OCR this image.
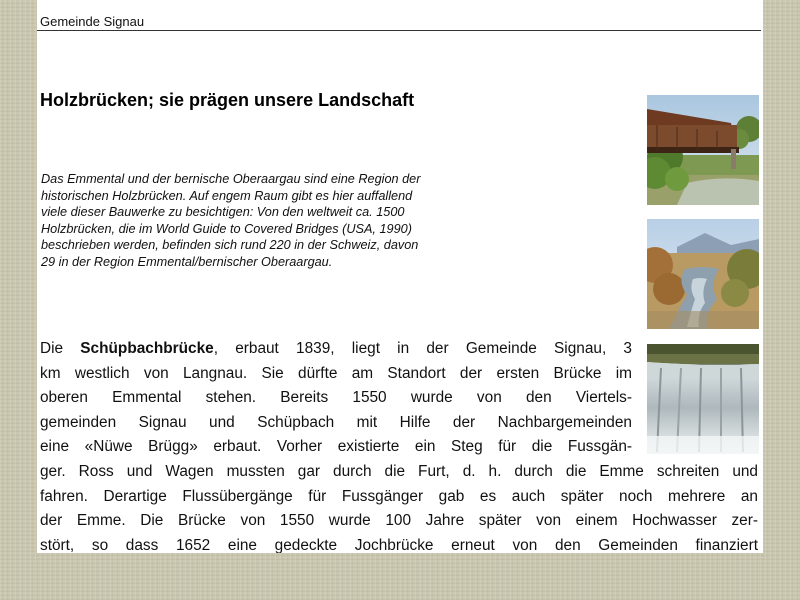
Gemeinde Signau
Holzbrücken; sie prägen unsere Landschaft

Das Emmental und der bernische Oberaargau sind eine Region der
historischen Holzbrücken. Auf engem Raum gibt es hier auffallend
viele dieser Bauwerke zu besichtigen: Von den weltweit ca. 1500
Holzbrücken, die im World Guide to Covered Bridges (USA, 1990)
beschrieben werden, befinden sich rund 220 in der Schweiz, davon
29 in der Region Emmental/bernischer Oberaargau.

Die Schüpbachbrücke, erbaut 1839, liegt in der Gemeinde Signau, 3
km westlich von Langnau. Sie dürfte am Standort der ersten Brücke im
oberen Emmental stehen. Bereits 1550 wurde von den Viertels-
gemeinden Signau und Schüpbach mit Hilfe der Nachbargemeinden
eine «Nüwe Brügg» erbaut. Vorher existierte ein Steg für die Fussgän-
ger. Ross und Wagen mussten gar durch die Furt, d. h. durch die Emme schreiten und
fahren. Derartige Flussübergänge für Fussgänger gab es auch später noch mehrere an
der Emme. Die Brücke von 1550 wurde 100 Jahre später von einem Hochwasser zer-
stört, so dass 1652 eine gedeckte Jochbrücke erneut von den Gemeinden finanziert
